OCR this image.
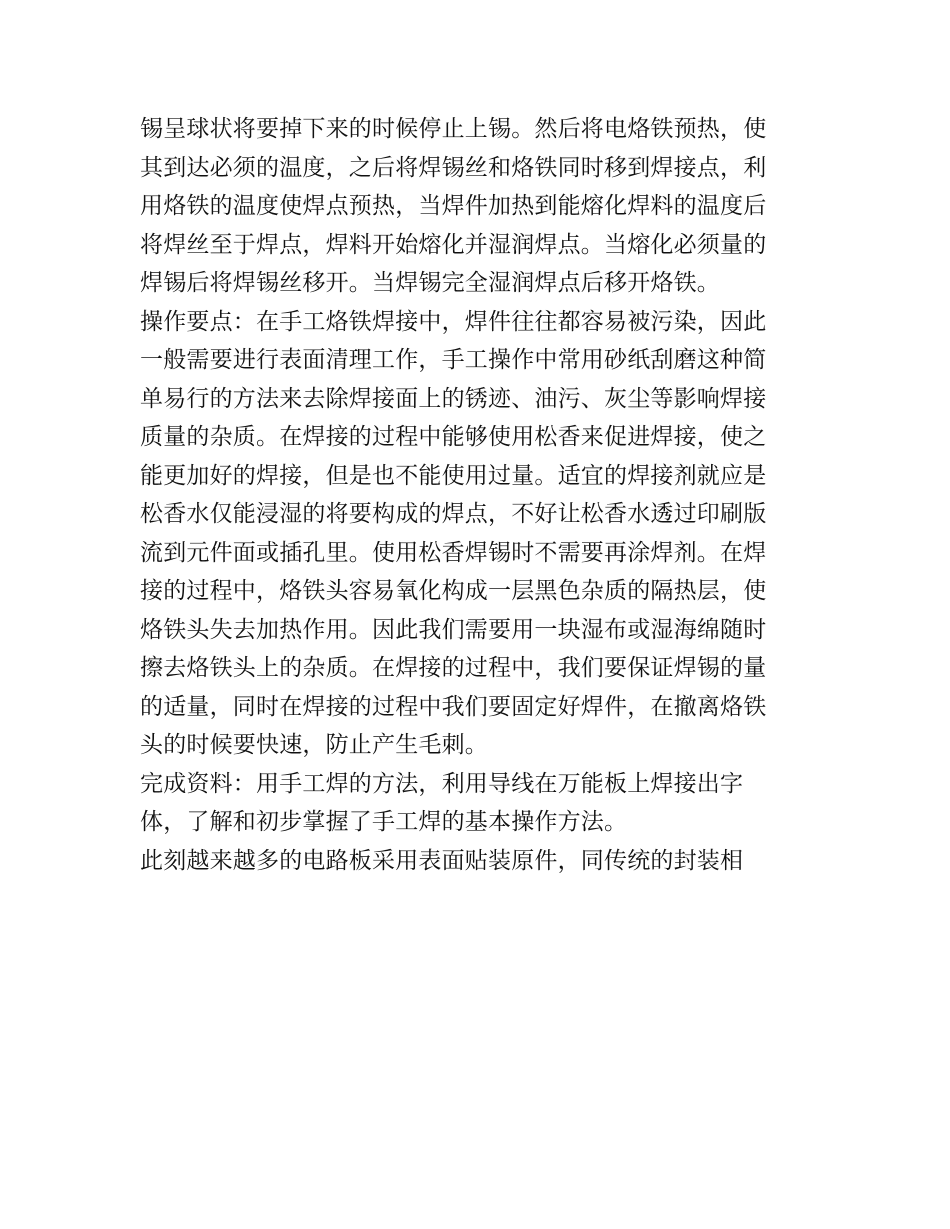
锡呈球状将要掉下来的时候停止上锡。然后将电烙铁预热，使
其到达必须的温度，之后将焊锡丝和烙铁同时移到焊接点，利
用烙铁的温度使焊点预热，当焊件加热到能熔化焊料的温度后
将焊丝至于焊点，焊料开始熔化并湿润焊点。当熔化必须量的
焊锡后将焊锡丝移开。当焊锡完全湿润焊点后移开烙铁。
操作要点：在手工烙铁焊接中，焊件往往都容易被污染，因此
一般需要进行表面清理工作，手工操作中常用砂纸刮磨这种简
单易行的方法来去除焊接面上的锈迹、油污、灰尘等影响焊接
质量的杂质。在焊接的过程中能够使用松香来促进焊接，使之
能更加好的焊接，但是也不能使用过量。适宜的焊接剂就应是
松香水仅能浸湿的将要构成的焊点，不好让松香水透过印刷版
流到元件面或插孔里。使用松香焊锡时不需要再涂焊剂。在焊
接的过程中，烙铁头容易氧化构成一层黑色杂质的隔热层，使
烙铁头失去加热作用。因此我们需要用一块湿布或湿海绵随时
擦去烙铁头上的杂质。在焊接的过程中，我们要保证焊锡的量
的适量，同时在焊接的过程中我们要固定好焊件，在撤离烙铁
头的时候要快速，防止产生毛刺。
完成资料：用手工焊的方法，利用导线在万能板上焊接出字
体，了解和初步掌握了手工焊的基本操作方法。
此刻越来越多的电路板采用表面贴装原件，同传统的封装相
